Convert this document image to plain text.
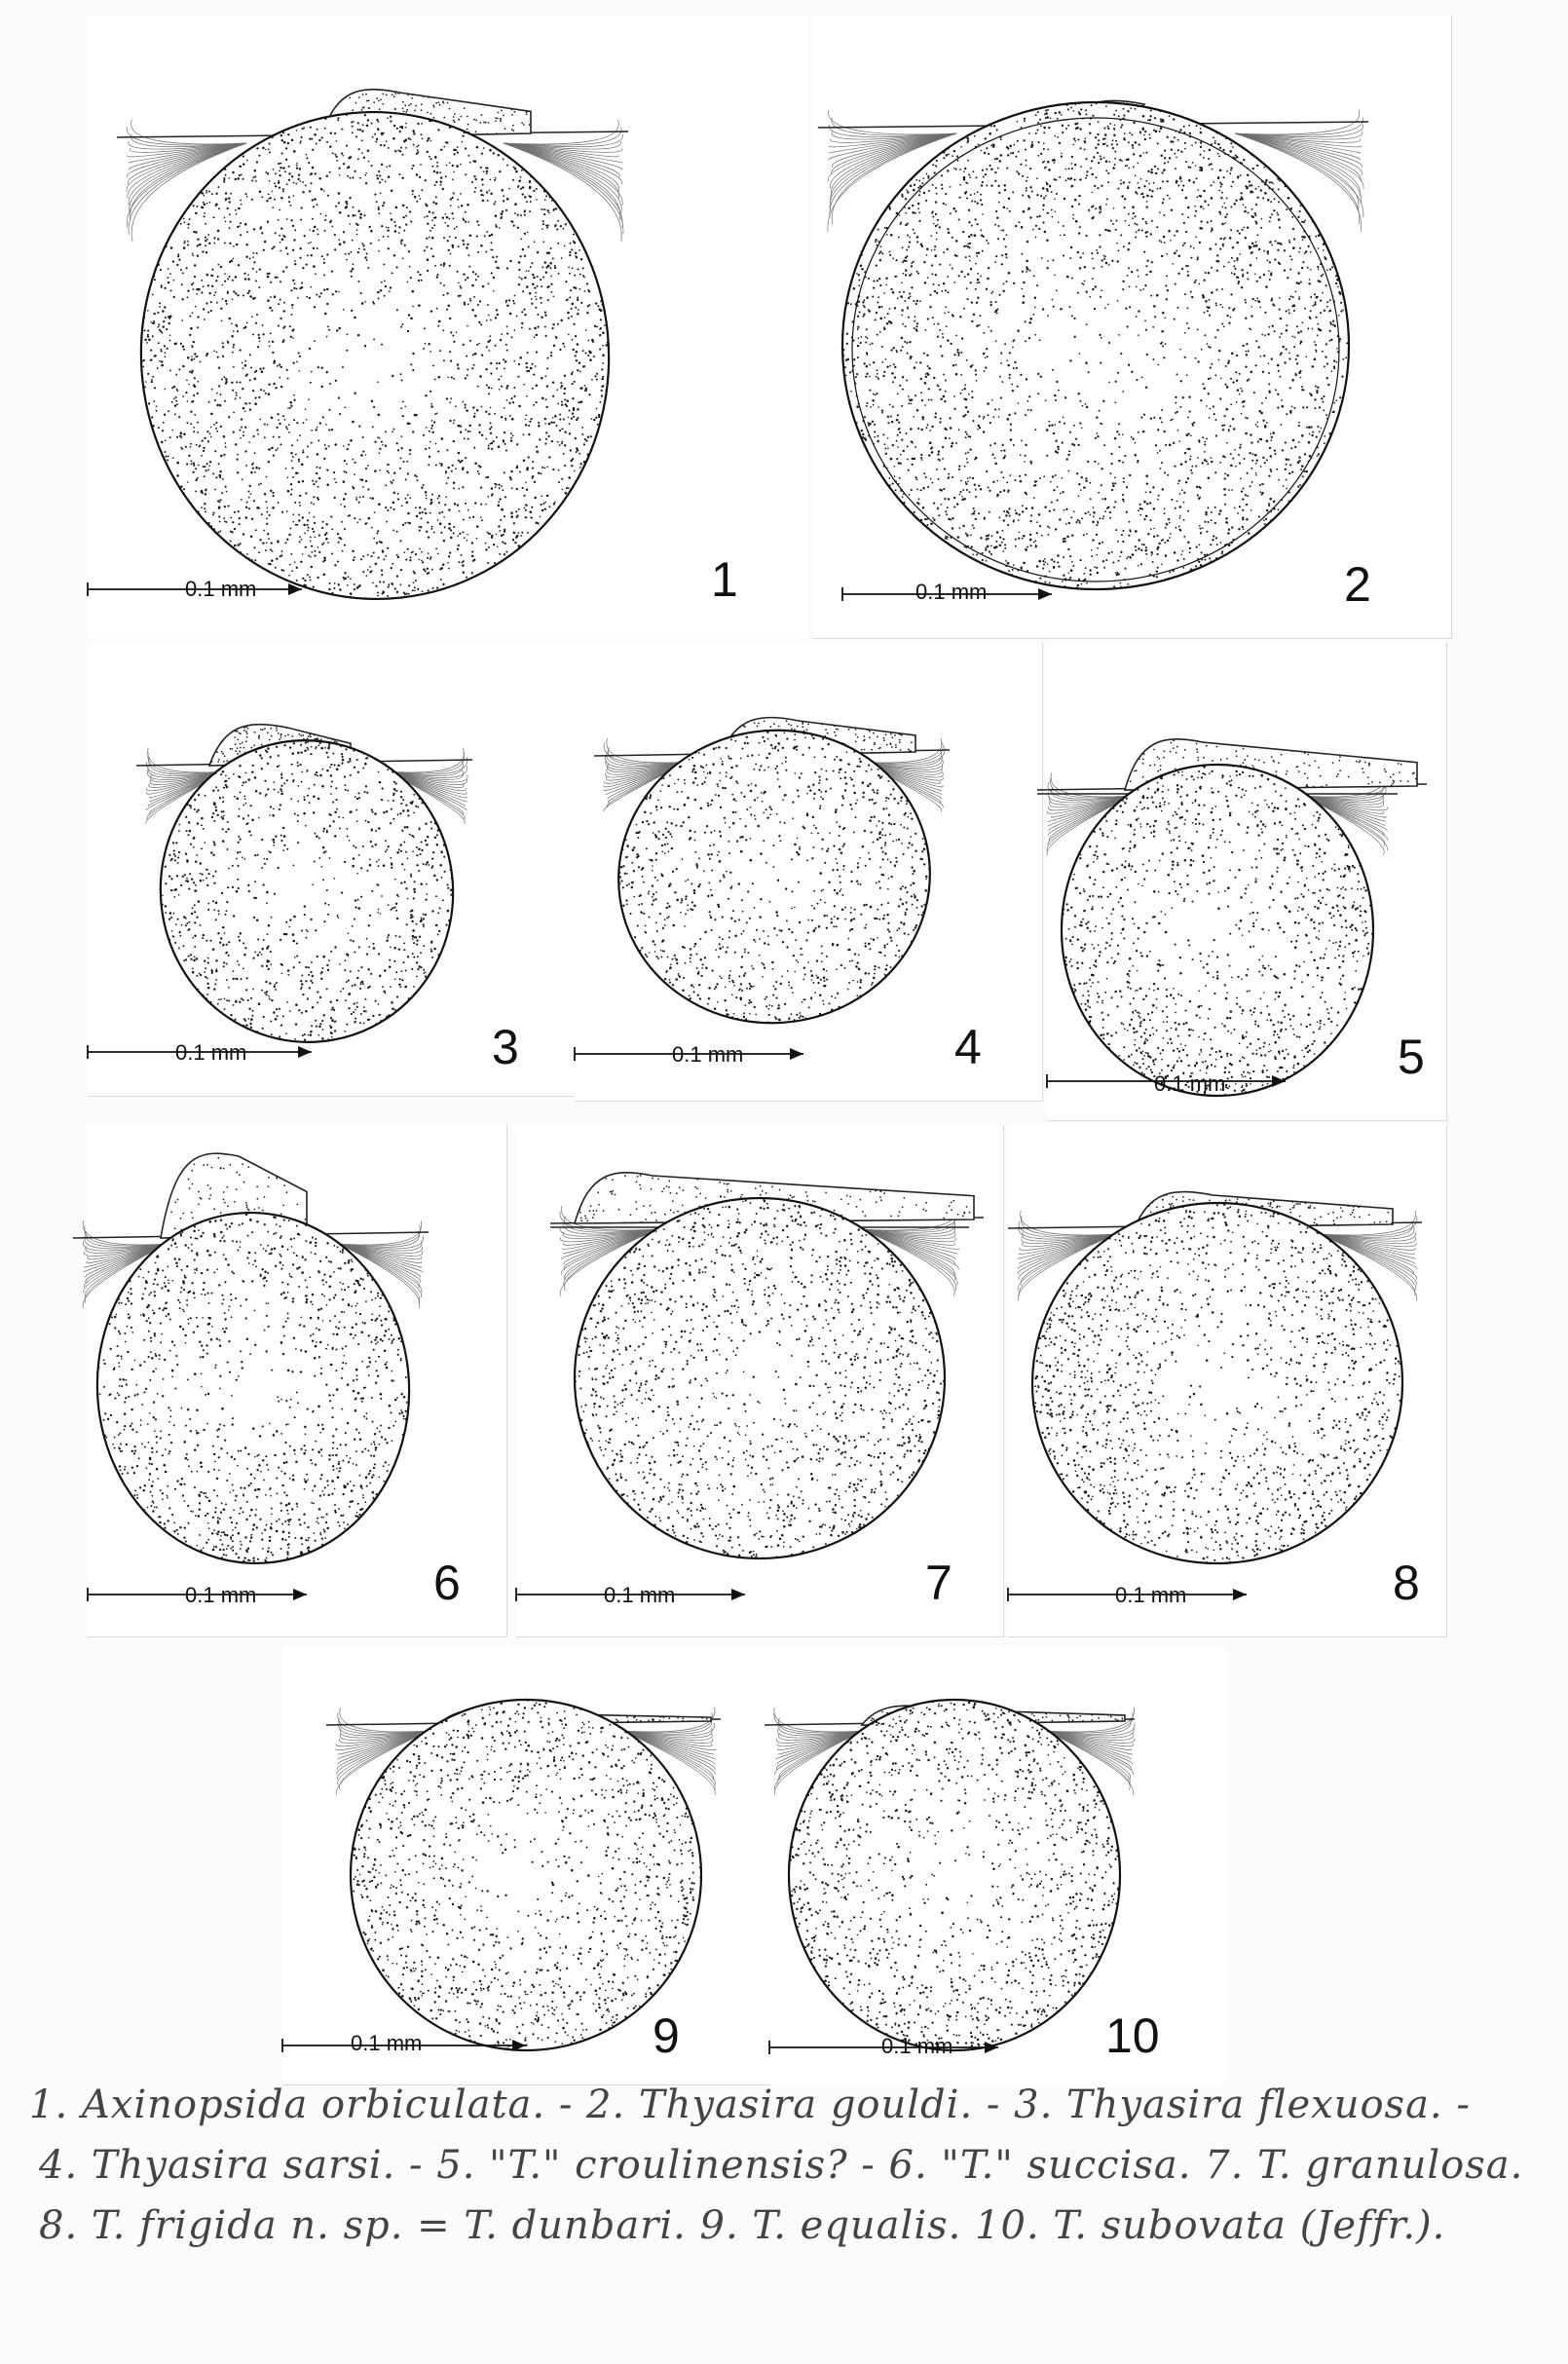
0.1 mm	1	0.1 mm	2
0.1 mm	3	0.1 mm	4
0.1 mm	5
0.1 mm	6	0.1 mm	7	0.1 mm	8
0.1 mm	9	0.1 mm	10
1. Axinopsida orbiculata. - 2. Thyasira gouldi. - 3. Thyasira flexuosa. -
4. Thyasira sarsi. - 5. "T." croulinensis? - 6. "T." succisa. 7. T. granulosa.
8. T. frigida n. sp. = T. dunbari. 9. T. equalis. 10. T. subovata (Jeffr.).
